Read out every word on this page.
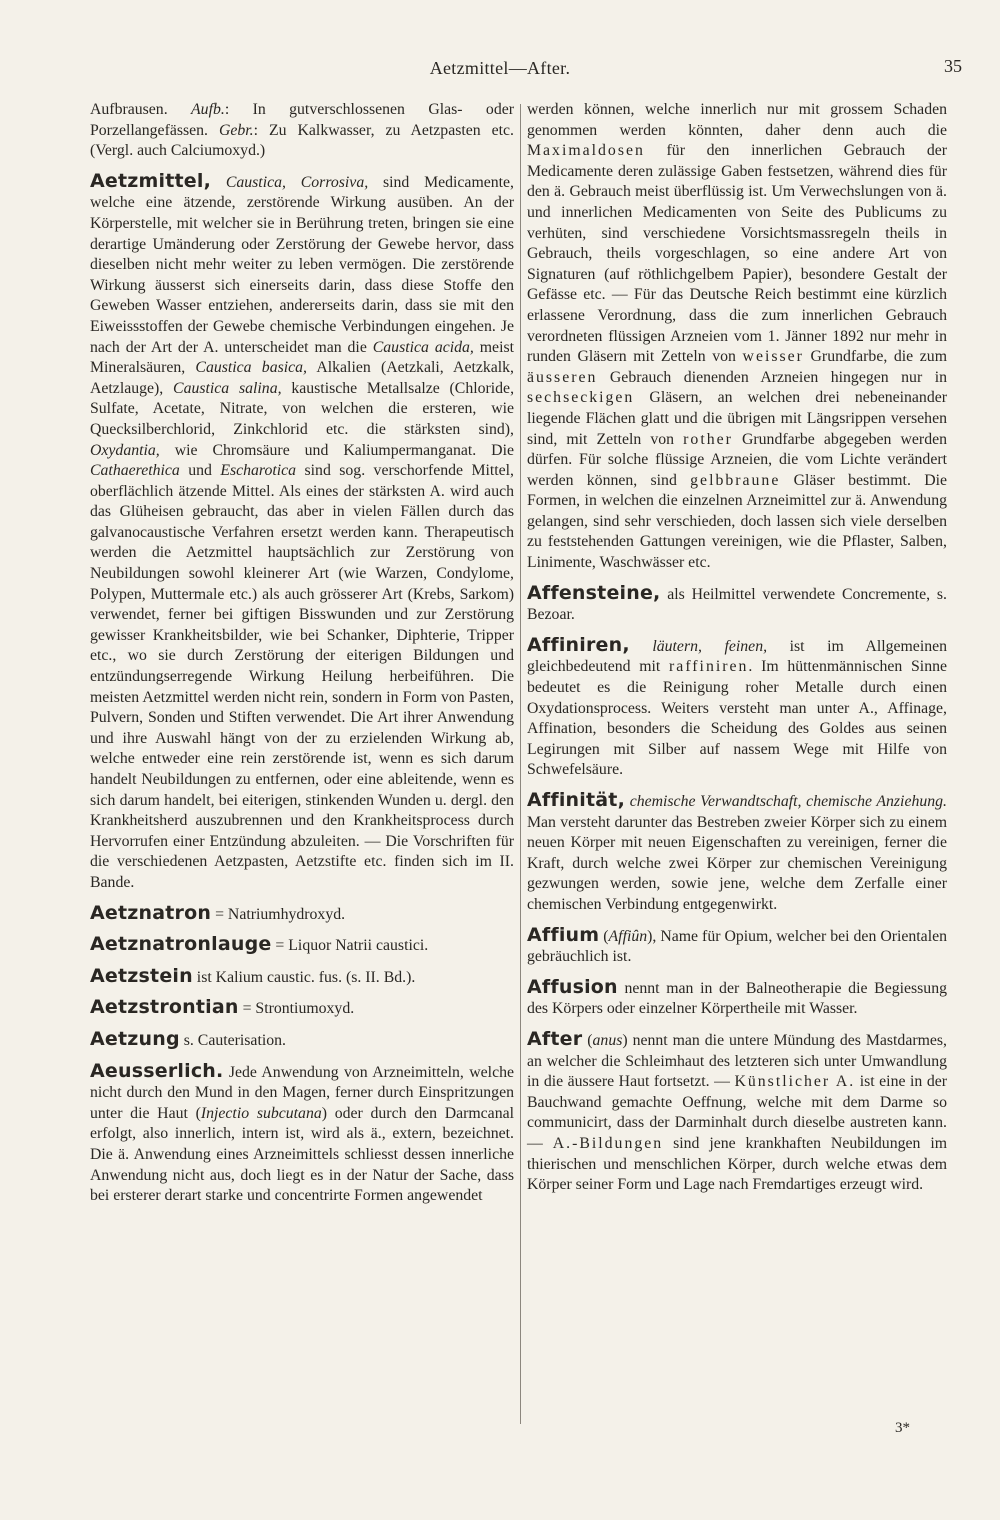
Aetzmittel—After.	35

Aufbrausen. Aufb.: In gutverschlossenen Glas- oder Porzellangefässen. Gebr.: Zu Kalkwasser, zu Aetzpasten etc. (Vergl. auch Calciumoxyd.)

Aetzmittel, Caustica, Corrosiva, sind Medicamente, welche eine ätzende, zerstörende Wirkung ausüben. An der Körperstelle, mit welcher sie in Berührung treten, bringen sie eine derartige Umänderung oder Zerstörung der Gewebe hervor, dass dieselben nicht mehr weiter zu leben vermögen. Die zerstörende Wirkung äusserst sich einerseits darin, dass diese Stoffe den Geweben Wasser entziehen, andererseits darin, dass sie mit den Eiweissstoffen der Gewebe chemische Verbindungen eingehen. Je nach der Art der A. unterscheidet man die Caustica acida, meist Mineralsäuren, Caustica basica, Alkalien (Aetzkali, Aetzkalk, Aetzlauge), Caustica salina, kaustische Metallsalze (Chloride, Sulfate, Acetate, Nitrate, von welchen die ersteren, wie Quecksilberchlorid, Zinkchlorid etc. die stärksten sind), Oxydantia, wie Chromsäure und Kaliumpermanganat. Die Cathaerethica und Escharotica sind sog. verschorfende Mittel, oberflächlich ätzende Mittel. Als eines der stärksten A. wird auch das Glüheisen gebraucht, das aber in vielen Fällen durch das galvanocaustische Verfahren ersetzt werden kann. Therapeutisch werden die Aetzmittel hauptsächlich zur Zerstörung von Neubildungen sowohl kleinerer Art (wie Warzen, Condylome, Polypen, Muttermale etc.) als auch grösserer Art (Krebs, Sarkom) verwendet, ferner bei giftigen Bisswunden und zur Zerstörung gewisser Krankheitsbilder, wie bei Schanker, Diphterie, Tripper etc., wo sie durch Zerstörung der eiterigen Bildungen und entzündungserregende Wirkung Heilung herbeiführen. Die meisten Aetzmittel werden nicht rein, sondern in Form von Pasten, Pulvern, Sonden und Stiften verwendet. Die Art ihrer Anwendung und ihre Auswahl hängt von der zu erzielenden Wirkung ab, welche entweder eine rein zerstörende ist, wenn es sich darum handelt Neubildungen zu entfernen, oder eine ableitende, wenn es sich darum handelt, bei eiterigen, stinkenden Wunden u. dergl. den Krankheitsherd auszubrennen und den Krankheitsprocess durch Hervorrufen einer Entzündung abzuleiten. — Die Vorschriften für die verschiedenen Aetzpasten, Aetzstifte etc. finden sich im II. Bande.

Aetznatron = Natriumhydroxyd.

Aetznatronlauge = Liquor Natrii caustici.

Aetzstein ist Kalium caustic. fus. (s. II. Bd.).

Aetzstrontian = Strontiumoxyd.

Aetzung s. Cauterisation.

Aeusserlich. Jede Anwendung von Arzneimitteln, welche nicht durch den Mund in den Magen, ferner durch Einspritzungen unter die Haut (Injectio subcutana) oder durch den Darmcanal erfolgt, also innerlich, intern ist, wird als ä., extern, bezeichnet. Die ä. Anwendung eines Arzneimittels schliesst dessen innerliche Anwendung nicht aus, doch liegt es in der Natur der Sache, dass bei ersterer derart starke und concentrirte Formen angewendet

werden können, welche innerlich nur mit grossem Schaden genommen werden könnten, daher denn auch die Maximaldosen für den innerlichen Gebrauch der Medicamente deren zulässige Gaben festsetzen, während dies für den ä. Gebrauch meist überflüssig ist. Um Verwechslungen von ä. und innerlichen Medicamenten von Seite des Publicums zu verhüten, sind verschiedene Vorsichtsmassregeln theils in Gebrauch, theils vorgeschlagen, so eine andere Art von Signaturen (auf röthlichgelbem Papier), besondere Gestalt der Gefässe etc. — Für das Deutsche Reich bestimmt eine kürzlich erlassene Verordnung, dass die zum innerlichen Gebrauch verordneten flüssigen Arzneien vom 1. Jänner 1892 nur mehr in runden Gläsern mit Zetteln von weisser Grundfarbe, die zum äusseren Gebrauch dienenden Arzneien hingegen nur in sechseckigen Gläsern, an welchen drei nebeneinander liegende Flächen glatt und die übrigen mit Längsrippen versehen sind, mit Zetteln von rother Grundfarbe abgegeben werden dürfen. Für solche flüssige Arzneien, die vom Lichte verändert werden können, sind gelbbraune Gläser bestimmt. Die Formen, in welchen die einzelnen Arzneimittel zur ä. Anwendung gelangen, sind sehr verschieden, doch lassen sich viele derselben zu feststehenden Gattungen vereinigen, wie die Pflaster, Salben, Linimente, Waschwässer etc.

Affensteine, als Heilmittel verwendete Concremente, s. Bezoar.

Affiniren, läutern, feinen, ist im Allgemeinen gleichbedeutend mit raffiniren. Im hüttenmännischen Sinne bedeutet es die Reinigung roher Metalle durch einen Oxydationsprocess. Weiters versteht man unter A., Affinage, Affination, besonders die Scheidung des Goldes aus seinen Legirungen mit Silber auf nassem Wege mit Hilfe von Schwefelsäure.

Affinität, chemische Verwandtschaft, chemische Anziehung. Man versteht darunter das Bestreben zweier Körper sich zu einem neuen Körper mit neuen Eigenschaften zu vereinigen, ferner die Kraft, durch welche zwei Körper zur chemischen Vereinigung gezwungen werden, sowie jene, welche dem Zerfalle einer chemischen Verbindung entgegenwirkt.

Affium (Affiûn), Name für Opium, welcher bei den Orientalen gebräuchlich ist.

Affusion nennt man in der Balneotherapie die Begiessung des Körpers oder einzelner Körpertheile mit Wasser.

After (anus) nennt man die untere Mündung des Mastdarmes, an welcher die Schleimhaut des letzteren sich unter Umwandlung in die äussere Haut fortsetzt. — Künstlicher A. ist eine in der Bauchwand gemachte Oeffnung, welche mit dem Darme so communicirt, dass der Darminhalt durch dieselbe austreten kann. — A.-Bildungen sind jene krankhaften Neubildungen im thierischen und menschlichen Körper, durch welche etwas dem Körper seiner Form und Lage nach Fremdartiges erzeugt wird.

3*
